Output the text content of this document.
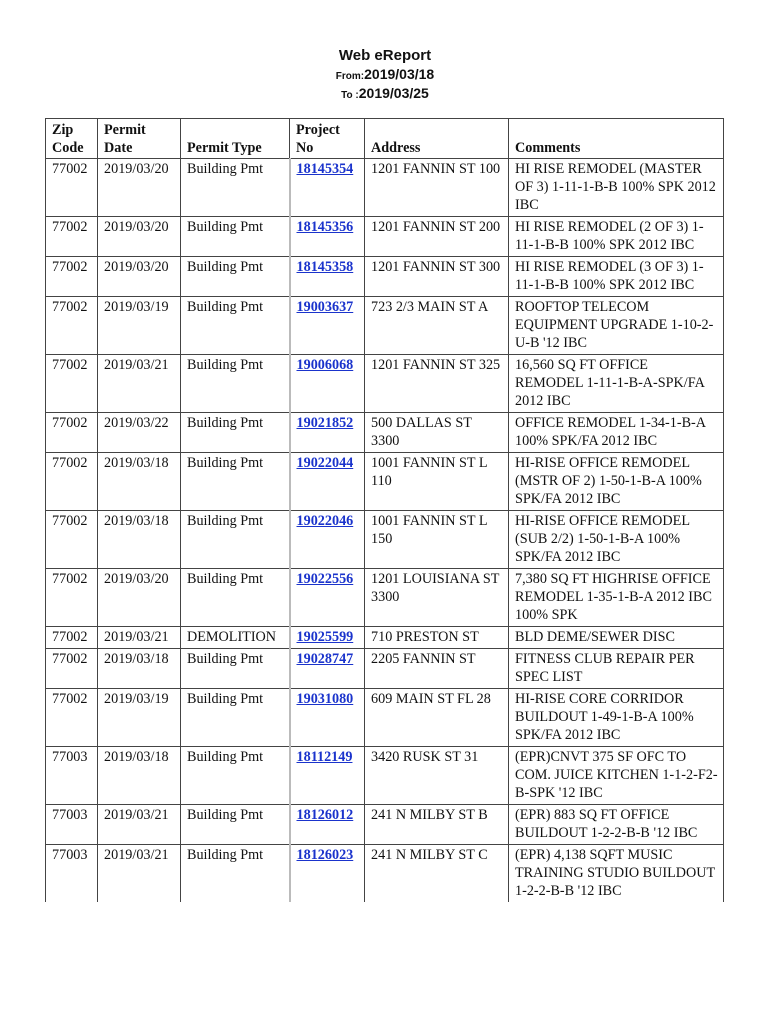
Web eReport
From:2019/03/18
To :2019/03/25
Zip Code	Permit Date	Permit Type	Project No	Address	Comments
77002	2019/03/20	Building Pmt	18145354	1201 FANNIN ST 100	HI RISE REMODEL (MASTER OF 3) 1-11-1-B-B 100% SPK 2012 IBC
77002	2019/03/20	Building Pmt	18145356	1201 FANNIN ST 200	HI RISE REMODEL (2 OF 3) 1-11-1-B-B 100% SPK 2012 IBC
77002	2019/03/20	Building Pmt	18145358	1201 FANNIN ST 300	HI RISE REMODEL (3 OF 3) 1-11-1-B-B 100% SPK 2012 IBC
77002	2019/03/19	Building Pmt	19003637	723 2/3 MAIN ST A	ROOFTOP TELECOM EQUIPMENT UPGRADE 1-10-2-U-B '12 IBC
77002	2019/03/21	Building Pmt	19006068	1201 FANNIN ST 325	16,560 SQ FT OFFICE REMODEL 1-11-1-B-A-SPK/FA 2012 IBC
77002	2019/03/22	Building Pmt	19021852	500 DALLAS ST 3300	OFFICE REMODEL 1-34-1-B-A 100% SPK/FA 2012 IBC
77002	2019/03/18	Building Pmt	19022044	1001 FANNIN ST L 110	HI-RISE OFFICE REMODEL (MSTR OF 2) 1-50-1-B-A 100% SPK/FA 2012 IBC
77002	2019/03/18	Building Pmt	19022046	1001 FANNIN ST L 150	HI-RISE OFFICE REMODEL (SUB 2/2) 1-50-1-B-A 100% SPK/FA 2012 IBC
77002	2019/03/20	Building Pmt	19022556	1201 LOUISIANA ST 3300	7,380 SQ FT HIGHRISE OFFICE REMODEL 1-35-1-B-A 2012 IBC 100% SPK
77002	2019/03/21	DEMOLITION	19025599	710 PRESTON ST	BLD DEME/SEWER DISC
77002	2019/03/18	Building Pmt	19028747	2205 FANNIN ST	FITNESS CLUB REPAIR PER SPEC LIST
77002	2019/03/19	Building Pmt	19031080	609 MAIN ST FL 28	HI-RISE CORE CORRIDOR BUILDOUT 1-49-1-B-A 100% SPK/FA 2012 IBC
77003	2019/03/18	Building Pmt	18112149	3420 RUSK ST 31	(EPR)CNVT 375 SF OFC TO COM. JUICE KITCHEN 1-1-2-F2-B-SPK '12 IBC
77003	2019/03/21	Building Pmt	18126012	241 N MILBY ST B	(EPR) 883 SQ FT OFFICE BUILDOUT 1-2-2-B-B '12 IBC
77003	2019/03/21	Building Pmt	18126023	241 N MILBY ST C	(EPR) 4,138 SQFT MUSIC TRAINING STUDIO BUILDOUT 1-2-2-B-B '12 IBC
